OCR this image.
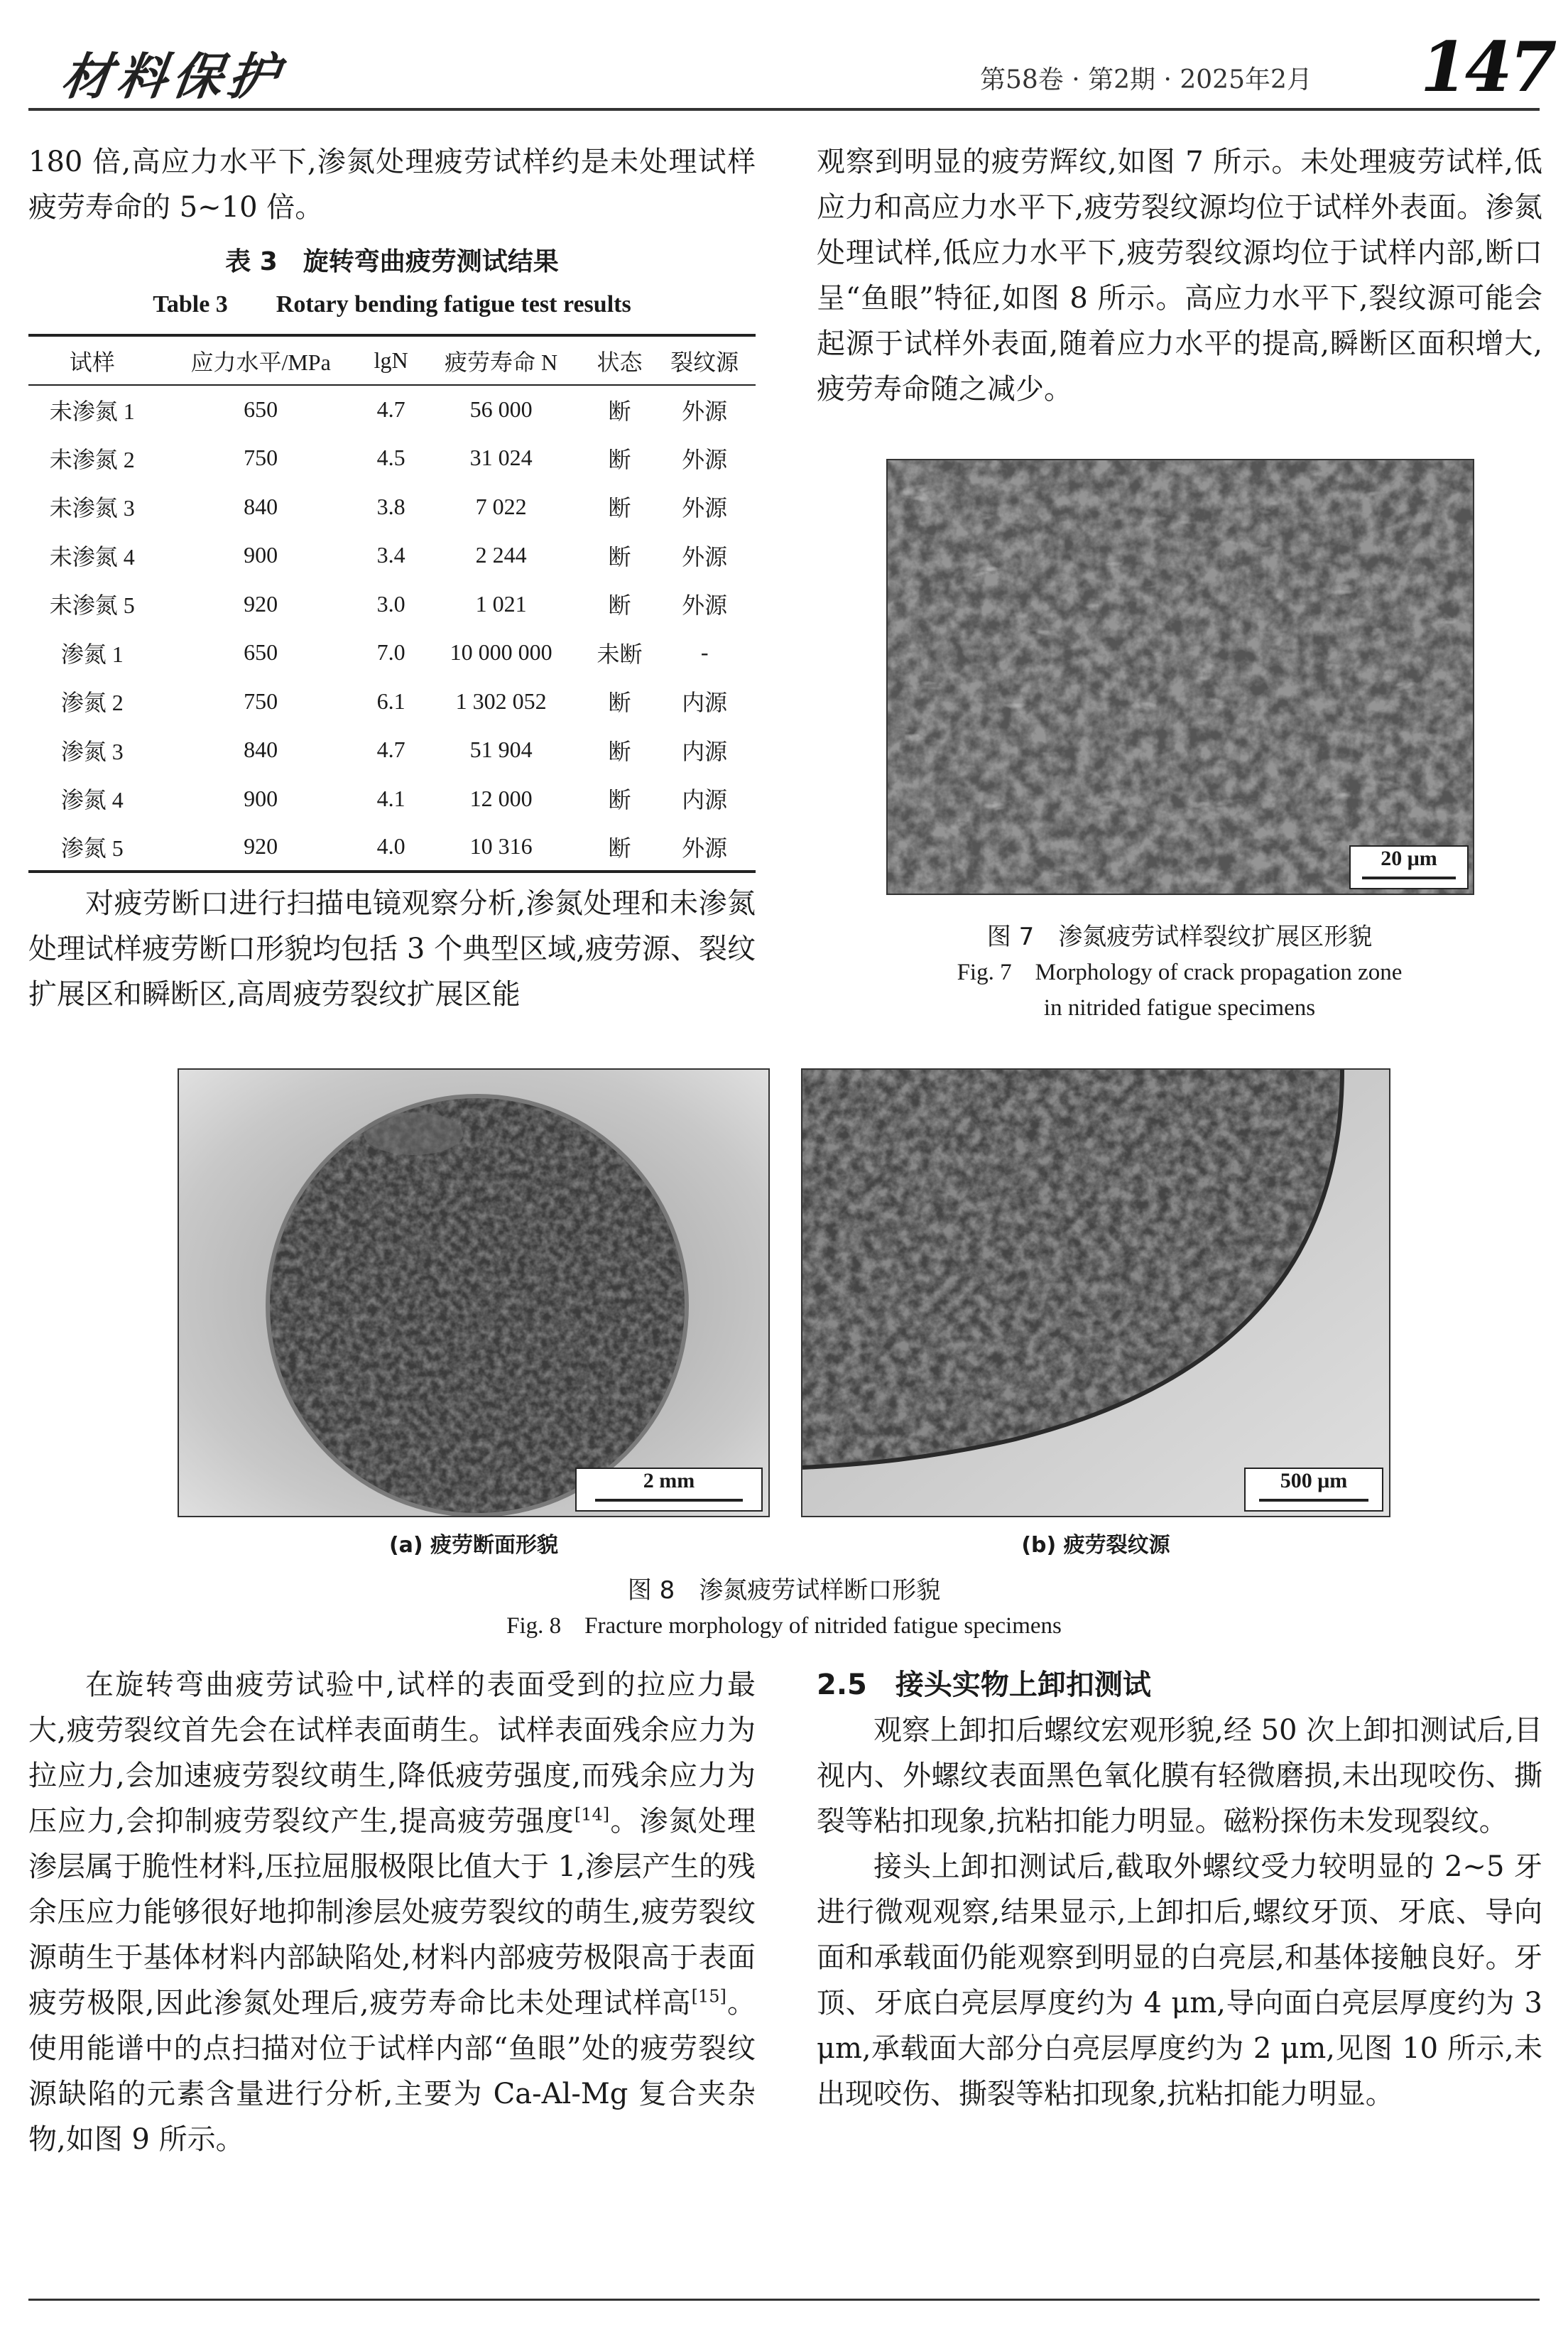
材料保护	第58卷 · 第2期 · 2025年2月 147

180 倍,高应力水平下,渗氮处理疲劳试样约是未处理试样疲劳寿命的 5~10 倍。

表 3　旋转弯曲疲劳测试结果
Table 3　　Rotary bending fatigue test results
试样	应力水平/MPa	lgN	疲劳寿命 N	状态	裂纹源
未渗氮 1	650	4.7	56 000	断	外源
未渗氮 2	750	4.5	31 024	断	外源
未渗氮 3	840	3.8	7 022	断	外源
未渗氮 4	900	3.4	2 244	断	外源
未渗氮 5	920	3.0	1 021	断	外源
渗氮 1	650	7.0	10 000 000	未断	-
渗氮 2	750	6.1	1 302 052	断	内源
渗氮 3	840	4.7	51 904	断	内源
渗氮 4	900	4.1	12 000	断	内源
渗氮 5	920	4.0	10 316	断	外源

对疲劳断口进行扫描电镜观察分析,渗氮处理和未渗氮处理试样疲劳断口形貌均包括 3 个典型区域,疲劳源、裂纹扩展区和瞬断区,高周疲劳裂纹扩展区能

观察到明显的疲劳辉纹,如图 7 所示。未处理疲劳试样,低应力和高应力水平下,疲劳裂纹源均位于试样外表面。渗氮处理试样,低应力水平下,疲劳裂纹源均位于试样内部,断口呈“鱼眼”特征,如图 8 所示。高应力水平下,裂纹源可能会起源于试样外表面,随着应力水平的提高,瞬断区面积增大,疲劳寿命随之减少。

20 μm
图 7　渗氮疲劳试样裂纹扩展区形貌
Fig. 7　Morphology of crack propagation zone
in nitrided fatigue specimens
2 mm
(a) 疲劳断面形貌
500 μm
(b) 疲劳裂纹源
图 8　渗氮疲劳试样断口形貌
Fig. 8　Fracture morphology of nitrided fatigue specimens

在旋转弯曲疲劳试验中,试样的表面受到的拉应力最大,疲劳裂纹首先会在试样表面萌生。试样表面残余应力为拉应力,会加速疲劳裂纹萌生,降低疲劳强度,而残余应力为压应力,会抑制疲劳裂纹产生,提高疲劳强度[14]。渗氮处理渗层属于脆性材料,压拉屈服极限比值大于 1,渗层产生的残余压应力能够很好地抑制渗层处疲劳裂纹的萌生,疲劳裂纹源萌生于基体材料内部缺陷处,材料内部疲劳极限高于表面疲劳极限,因此渗氮处理后,疲劳寿命比未处理试样高[15]。使用能谱中的点扫描对位于试样内部“鱼眼”处的疲劳裂纹源缺陷的元素含量进行分析,主要为 Ca-Al-Mg 复合夹杂物,如图 9 所示。

2.5　接头实物上卸扣测试

观察上卸扣后螺纹宏观形貌,经 50 次上卸扣测试后,目视内、外螺纹表面黑色氧化膜有轻微磨损,未出现咬伤、撕裂等粘扣现象,抗粘扣能力明显。磁粉探伤未发现裂纹。

接头上卸扣测试后,截取外螺纹受力较明显的 2~5 牙进行微观观察,结果显示,上卸扣后,螺纹牙顶、牙底、导向面和承载面仍能观察到明显的白亮层,和基体接触良好。牙顶、牙底白亮层厚度约为 4 μm,导向面白亮层厚度约为 3 μm,承载面大部分白亮层厚度约为 2 μm,见图 10 所示,未出现咬伤、撕裂等粘扣现象,抗粘扣能力明显。
